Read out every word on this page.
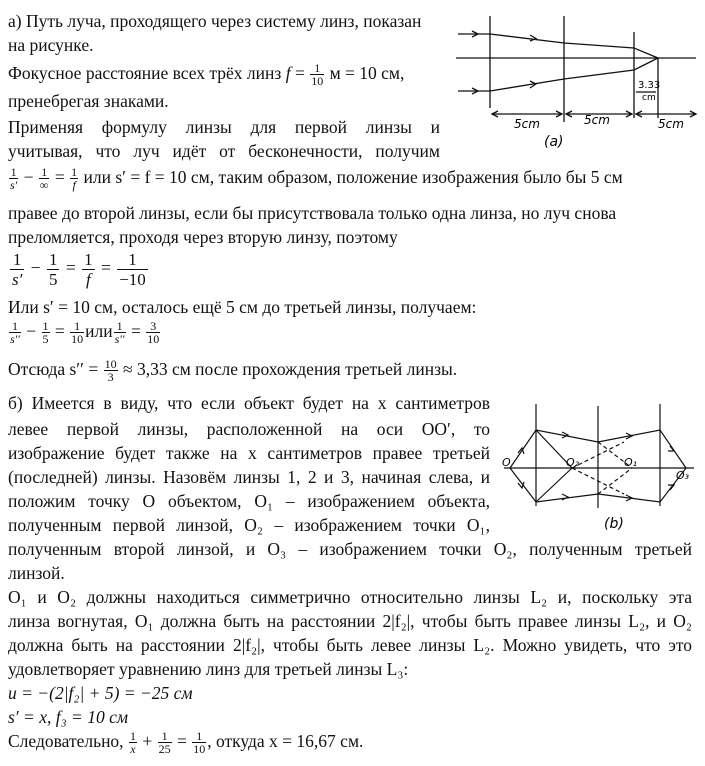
а) Путь луча, проходящего через систему линз, показан
на рисунке.
Фокусное расстояние всех трёх линз $f = \frac{1}{10}$ м = 10 см,
пренебрегая знаками.
Применяя формулу линзы для первой линзы и
учитывая, что луч идёт от бесконечности, получим
$\frac{1}{s'} - \frac{1}{\infty} = \frac{1}{f}$ или s′ = f = 10 см, таким образом, положение изображения было бы 5 см
правее до второй линзы, если бы присутствовала только одна линза, но луч снова
преломляется, проходя через вторую линзу, поэтому
$\frac{1}{s'} - \frac{1}{5} = \frac{1}{f} = \frac{1}{-10}$
Или s′ = 10 см, осталось ещё 5 см до третьей линзы, получаем:
$\frac{1}{s''} - \frac{1}{5} = \frac{1}{10}$ или $\frac{1}{s''} = \frac{3}{10}$
Отсюда $s'' = \frac{10}{3} \approx 3,33$ см после прохождения третьей линзы.
б) Имеется в виду, что если объект будет на x сантиметров
левее первой линзы, расположенной на оси OO′, то
изображение будет также на x сантиметров правее третьей
(последней) линзы. Назовём линзы 1, 2 и 3, начиная слева, и
положим точку O объектом, O₁ – изображением объекта,
полученным первой линзой, O₂ – изображением точки O₁,
полученным второй линзой, и O₃ – изображением точки O₂, полученным третьей
линзой.
O₁ и O₂ должны находиться симметрично относительно линзы L₂ и, поскольку эта
линза вогнутая, O₁ должна быть на расстоянии 2|f₂|, чтобы быть правее линзы L₂, и O₂
должна быть на расстоянии 2|f₂|, чтобы быть левее линзы L₂. Можно увидеть, что это
удовлетворяет уравнению линз для третьей линзы L₃:
u = −(2|f₂| + 5) = −25 см
s′ = x, f₃ = 10 см
Следовательно, $\frac{1}{x} + \frac{1}{25} = \frac{1}{10}$ , откуда x = 16,67 см.
5cm	5cm	5cm
3.33
cm
(a)
O	O₂	O₁
O₃
(b)
